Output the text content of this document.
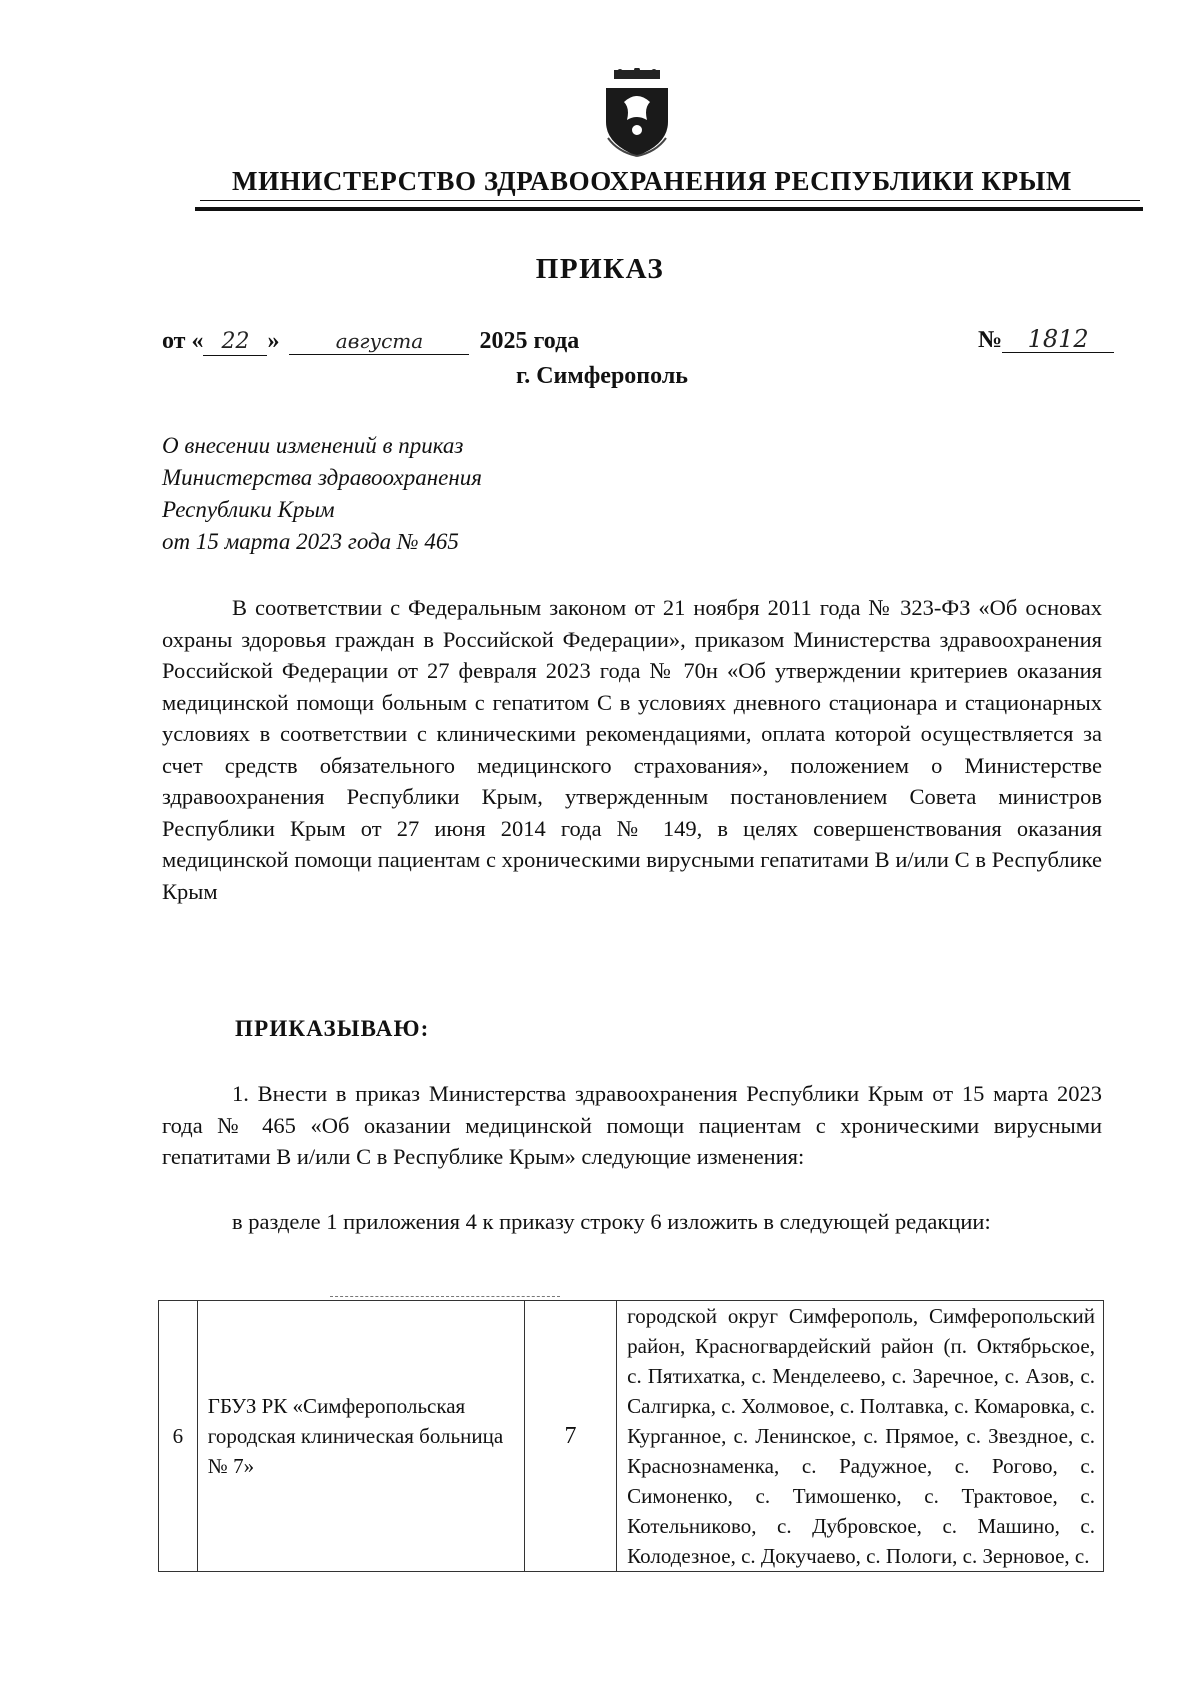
МИНИСТЕРСТВО ЗДРАВООХРАНЕНИЯ РЕСПУБЛИКИ КРЫМ
ПРИКАЗ
от « 22 »	августа 2025 года	№ 1812
г. Симферополь
О внесении изменений в приказ
Министерства здравоохранения
Республики Крым
от 15 марта 2023 года № 465
В соответствии с Федеральным законом от 21 ноября 2011 года № 323-ФЗ «Об основах охраны здоровья граждан в Российской Федерации», приказом Министерства здравоохранения Российской Федерации от 27 февраля 2023 года № 70н «Об утверждении критериев оказания медицинской помощи больным с гепатитом С в условиях дневного стационара и стационарных условиях в соответствии с клиническими рекомендациями, оплата которой осуществляется за счет средств обязательного медицинского страхования», положением о Министерстве здравоохранения Республики Крым, утвержденным постановлением Совета министров Республики Крым от 27 июня 2014 года № 149, в целях совершенствования оказания медицинской помощи пациентам с хроническими вирусными гепатитами В и/или С в Республике Крым
ПРИКАЗЫВАЮ:
1. Внести в приказ Министерства здравоохранения Республики Крым от 15 марта 2023 года № 465 «Об оказании медицинской помощи пациентам с хроническими вирусными гепатитами В и/или С в Республике Крым» следующие изменения:
в разделе 1 приложения 4 к приказу строку 6 изложить в следующей редакции:
6	ГБУЗ РК «Симферопольская городская клиническая больница № 7»	7	городской округ Симферополь, Симферопольский район, Красногвардейский район (п. Октябрьское, с. Пятихатка, с. Менделеево, с. Заречное, с. Азов, с. Салгирка, с. Холмовое, с. Полтавка, с. Комаровка, с. Курганное, с. Ленинское, с. Прямое, с. Звездное, с. Краснознаменка, с. Радужное, с. Рогово, с. Симоненко, с. Тимошенко, с. Трактовое, с. Котельниково, с. Дубровское, с. Машино, с. Колодезное, с. Докучаево, с. Пологи, с. Зерновое, с.
